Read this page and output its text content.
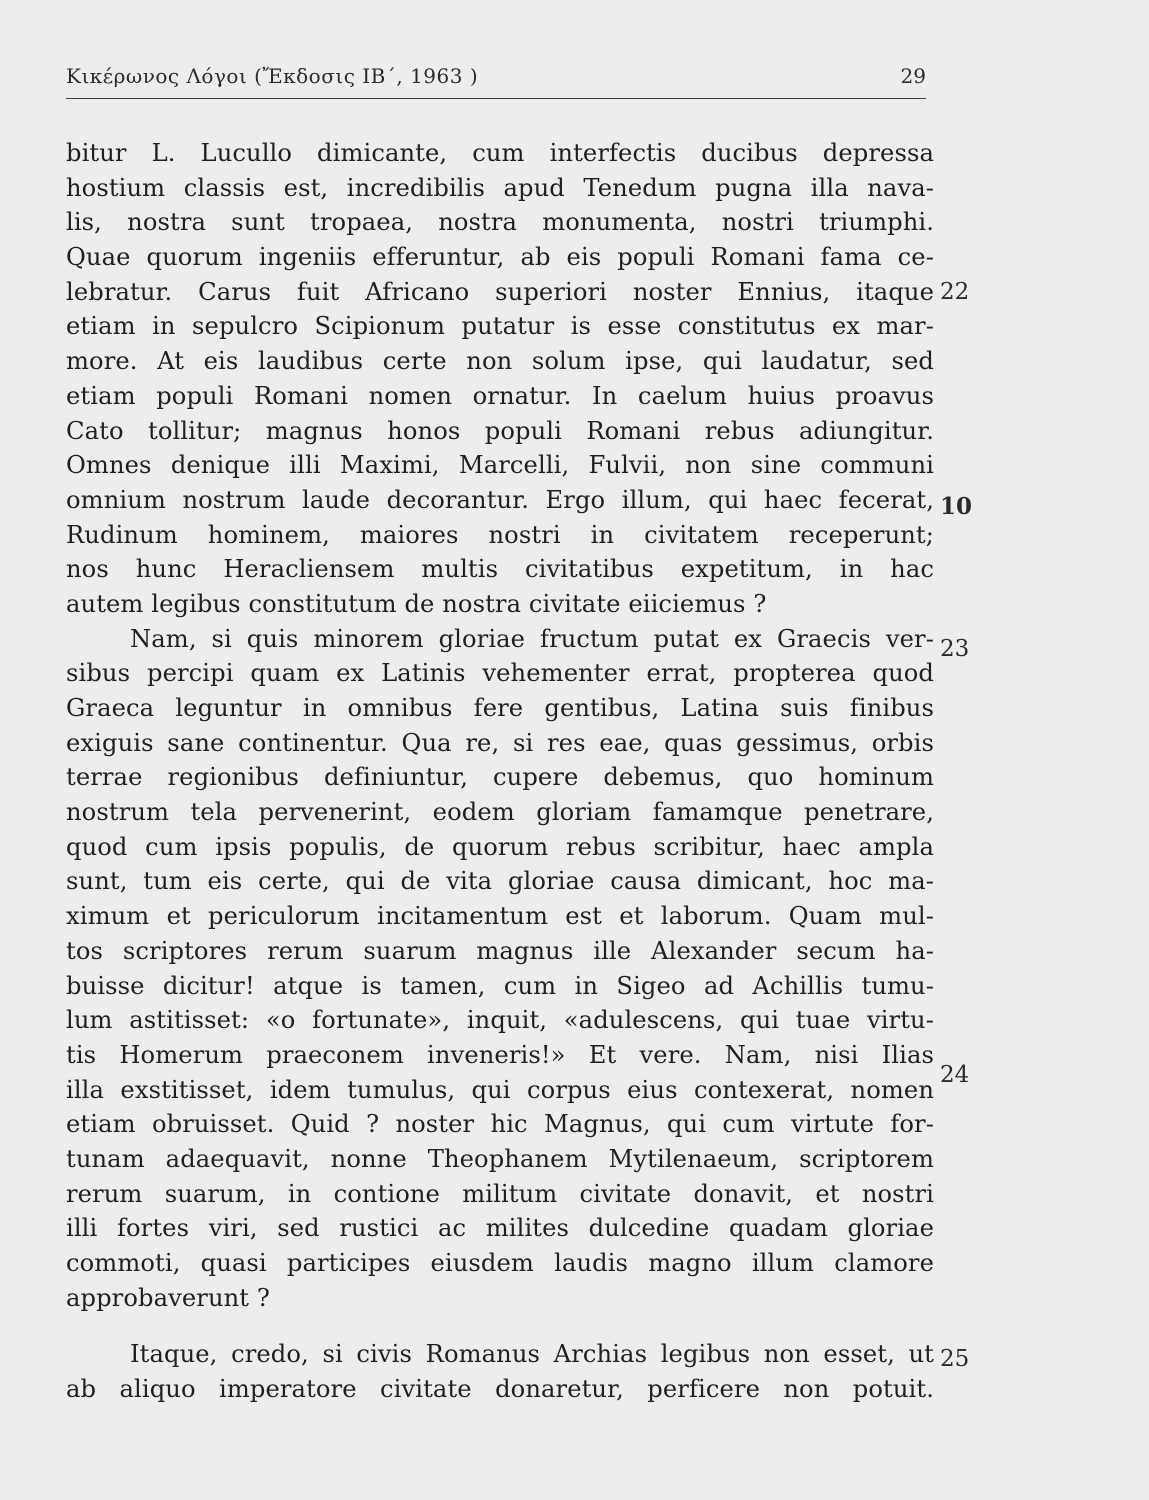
Κικέρωνος Λόγοι (Ἔκδοσις ΙΒ΄, 1963 )	29
bitur L. Lucullo dimicante, cum interfectis ducibus depressa
hostium classis est, incredibilis apud Tenedum pugna illa nava-
lis, nostra sunt tropaea, nostra monumenta, nostri triumphi.
Quae quorum ingeniis efferuntur, ab eis populi Romani fama ce-
lebratur. Carus fuit Africano superiori noster Ennius, itaque
etiam in sepulcro Scipionum putatur is esse constitutus ex mar-
more. At eis laudibus certe non solum ipse, qui laudatur, sed
etiam populi Romani nomen ornatur. In caelum huius proavus
Cato tollitur; magnus honos populi Romani rebus adiungitur.
Omnes denique illi Maximi, Marcelli, Fulvii, non sine communi
omnium nostrum laude decorantur. Ergo illum, qui haec fecerat,
Rudinum hominem, maiores nostri in civitatem receperunt;
nos hunc Heracliensem multis civitatibus expetitum, in hac
autem legibus constitutum de nostra civitate eiiciemus ?
Nam, si quis minorem gloriae fructum putat ex Graecis ver-
sibus percipi quam ex Latinis vehementer errat, propterea quod
Graeca leguntur in omnibus fere gentibus, Latina suis finibus
exiguis sane continentur. Qua re, si res eae, quas gessimus, orbis
terrae regionibus definiuntur, cupere debemus, quo hominum
nostrum tela pervenerint, eodem gloriam famamque penetrare,
quod cum ipsis populis, de quorum rebus scribitur, haec ampla
sunt, tum eis certe, qui de vita gloriae causa dimicant, hoc ma-
ximum et periculorum incitamentum est et laborum. Quam mul-
tos scriptores rerum suarum magnus ille Alexander secum ha-
buisse dicitur! atque is tamen, cum in Sigeo ad Achillis tumu-
lum astitisset: «o fortunate», inquit, «adulescens, qui tuae virtu-
tis Homerum praeconem inveneris!» Et vere. Nam, nisi Ilias
illa exstitisset, idem tumulus, qui corpus eius contexerat, nomen
etiam obruisset. Quid ? noster hic Magnus, qui cum virtute for-
tunam adaequavit, nonne Theophanem Mytilenaeum, scriptorem
rerum suarum, in contione militum civitate donavit, et nostri
illi fortes viri, sed rustici ac milites dulcedine quadam gloriae
commoti, quasi participes eiusdem laudis magno illum clamore
approbaverunt ?
Itaque, credo, si civis Romanus Archias legibus non esset, ut
ab aliquo imperatore civitate donaretur, perficere non potuit.
22
10
23
24
25
